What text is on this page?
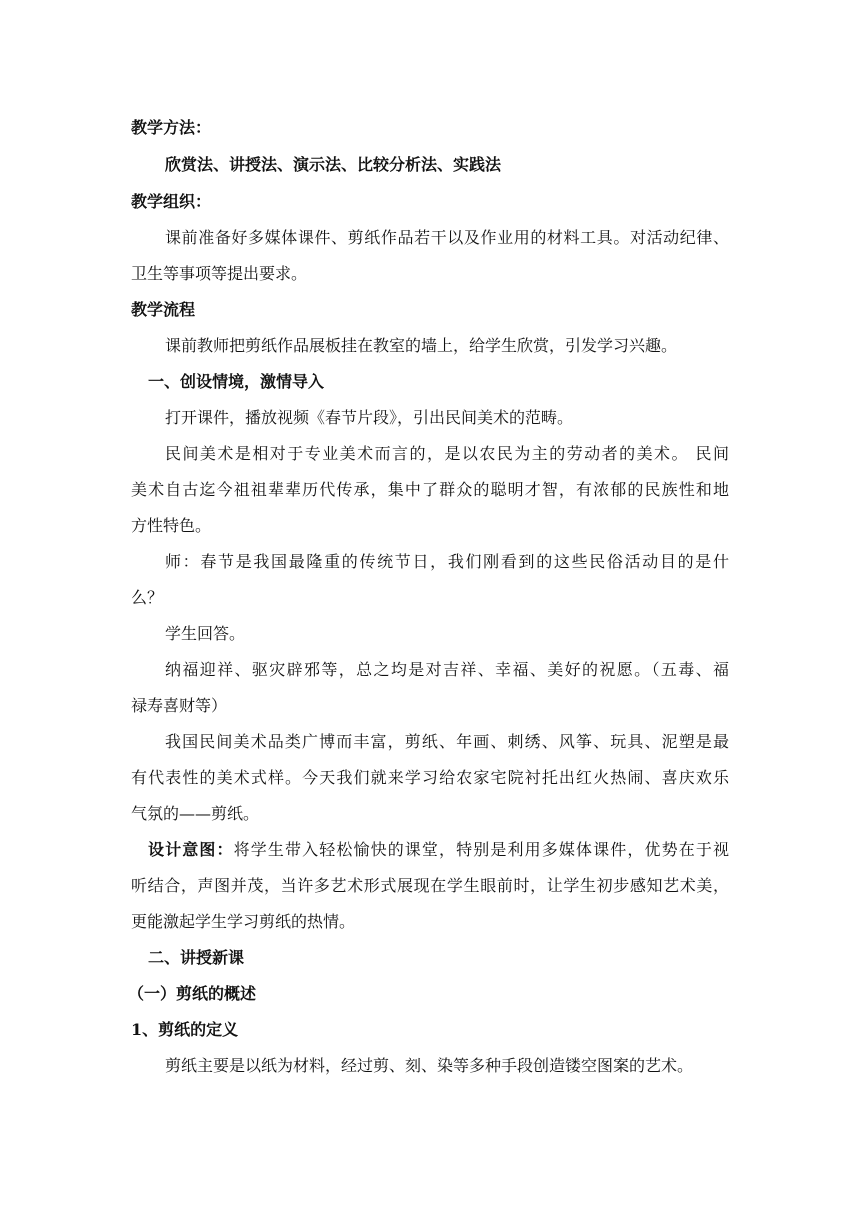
教学方法：
欣赏法、讲授法、演示法、比较分析法、实践法
教学组织：
课前准备好多媒体课件、剪纸作品若干以及作业用的材料工具。对活动纪律、
卫生等事项等提出要求。
教学流程
课前教师把剪纸作品展板挂在教室的墙上，给学生欣赏，引发学习兴趣。
一、创设情境，激情导入
打开课件，播放视频《春节片段》，引出民间美术的范畴。
民间美术是相对于专业美术而言的，是以农民为主的劳动者的美术。 民间
美术自古迄今祖祖辈辈历代传承，集中了群众的聪明才智，有浓郁的民族性和地
方性特色。
师：春节是我国最隆重的传统节日，我们刚看到的这些民俗活动目的是什
么？
学生回答。
纳福迎祥、驱灾辟邪等，总之均是对吉祥、幸福、美好的祝愿。（五毒、福
禄寿喜财等）
我国民间美术品类广博而丰富，剪纸、年画、刺绣、风筝、玩具、泥塑是最
有代表性的美术式样。今天我们就来学习给农家宅院衬托出红火热闹、喜庆欢乐
气氛的——剪纸。
设计意图：将学生带入轻松愉快的课堂，特别是利用多媒体课件，优势在于视
听结合，声图并茂，当许多艺术形式展现在学生眼前时，让学生初步感知艺术美，
更能激起学生学习剪纸的热情。
二、讲授新课
（一）剪纸的概述
1、剪纸的定义
剪纸主要是以纸为材料，经过剪、刻、染等多种手段创造镂空图案的艺术。
